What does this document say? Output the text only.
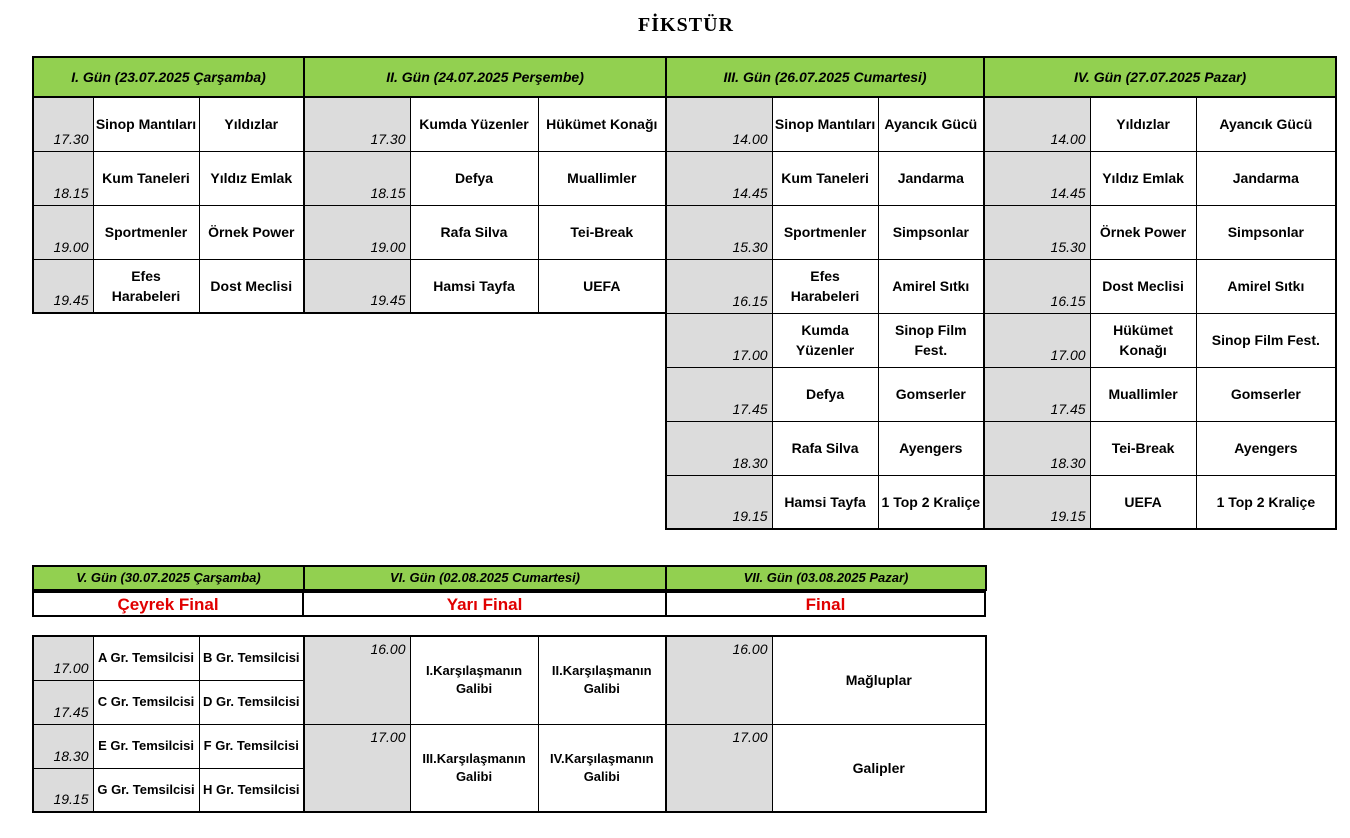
FİKSTÜR
I. Gün (23.07.2025 Çarşamba)			II. Gün (24.07.2025 Perşembe)			III. Gün (26.07.2025 Cumartesi)			IV. Gün (27.07.2025 Pazar)		
17.30	Sinop Mantıları	Yıldızlar	17.30	Kumda Yüzenler	Hükümet Konağı	14.00	Sinop Mantıları	Ayancık Gücü	14.00	Yıldızlar	Ayancık Gücü
18.15	Kum Taneleri	Yıldız Emlak	18.15	Defya	Muallimler	14.45	Kum Taneleri	Jandarma	14.45	Yıldız Emlak	Jandarma
19.00	Sportmenler	Örnek Power	19.00	Rafa Silva	Tei-Break	15.30	Sportmenler	Simpsonlar	15.30	Örnek Power	Simpsonlar
19.45	Efes Harabeleri	Dost Meclisi	19.45	Hamsi Tayfa	UEFA	16.15	Efes Harabeleri	Amirel Sıtkı	16.15	Dost Meclisi	Amirel Sıtkı
						17.00	Kumda Yüzenler	Sinop Film Fest.	17.00	Hükümet Konağı	Sinop Film Fest.
						17.45	Defya	Gomserler	17.45	Muallimler	Gomserler
						18.30	Rafa Silva	Ayengers	18.30	Tei-Break	Ayengers
						19.15	Hamsi Tayfa	1 Top 2 Kraliçe	19.15	UEFA	1 Top 2 Kraliçe
V. Gün (30.07.2025 Çarşamba)	VI. Gün (02.08.2025 Cumartesi)	VII. Gün (03.08.2025 Pazar)
Çeyrek Final	Yarı Final	Final
17.00	A Gr. Temsilcisi	B Gr. Temsilcisi	16.00	I.Karşılaşmanın Galibi	II.Karşılaşmanın Galibi	16.00	Mağluplar
17.45	C Gr. Temsilcisi	D Gr. Temsilcisi					
18.30	E Gr. Temsilcisi	F Gr. Temsilcisi	17.00	III.Karşılaşmanın Galibi	IV.Karşılaşmanın Galibi	17.00	Galipler
19.15	G Gr. Temsilcisi	H Gr. Temsilcisi					
